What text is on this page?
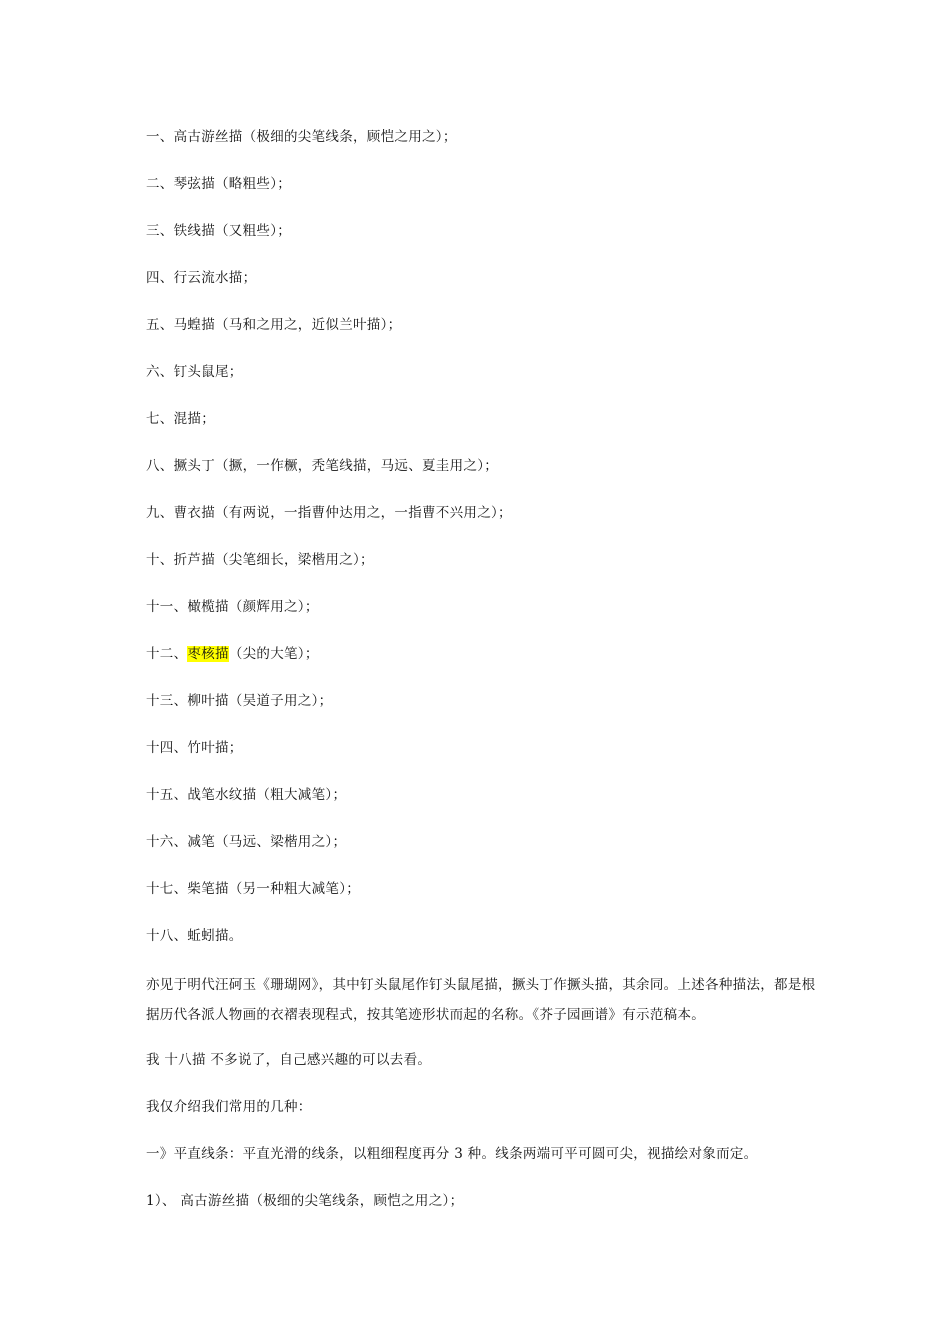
一、高古游丝描（极细的尖笔线条，顾恺之用之）；
二、琴弦描（略粗些）；
三、铁线描（又粗些）；
四、行云流水描；
五、马蝗描（马和之用之，近似兰叶描）；
六、钉头鼠尾；
七、混描；
八、撅头丁（撅，一作橛，秃笔线描，马远、夏圭用之）；
九、曹衣描（有两说，一指曹仲达用之，一指曹不兴用之）；
十、折芦描（尖笔细长，梁楷用之）；
十一、橄榄描（颜辉用之）；
十二、枣核描（尖的大笔）；
十三、柳叶描（吴道子用之）；
十四、竹叶描；
十五、战笔水纹描（粗大减笔）；
十六、减笔（马远、梁楷用之）；
十七、柴笔描（另一种粗大减笔）；
十八、蚯蚓描。
亦见于明代汪砢玉《珊瑚网》，其中钉头鼠尾作钉头鼠尾描，撅头丁作撅头描，其余同。上述各种描法，都是根据历代各派人物画的衣褶表现程式，按其笔迹形状而起的名称。《芥子园画谱》有示范稿本。
我 十八描 不多说了，自己感兴趣的可以去看。
我仅介绍我们常用的几种：
一》平直线条：平直光滑的线条，以粗细程度再分 3 种。线条两端可平可圆可尖，视描绘对象而定。
1）、 高古游丝描（极细的尖笔线条，顾恺之用之）；
